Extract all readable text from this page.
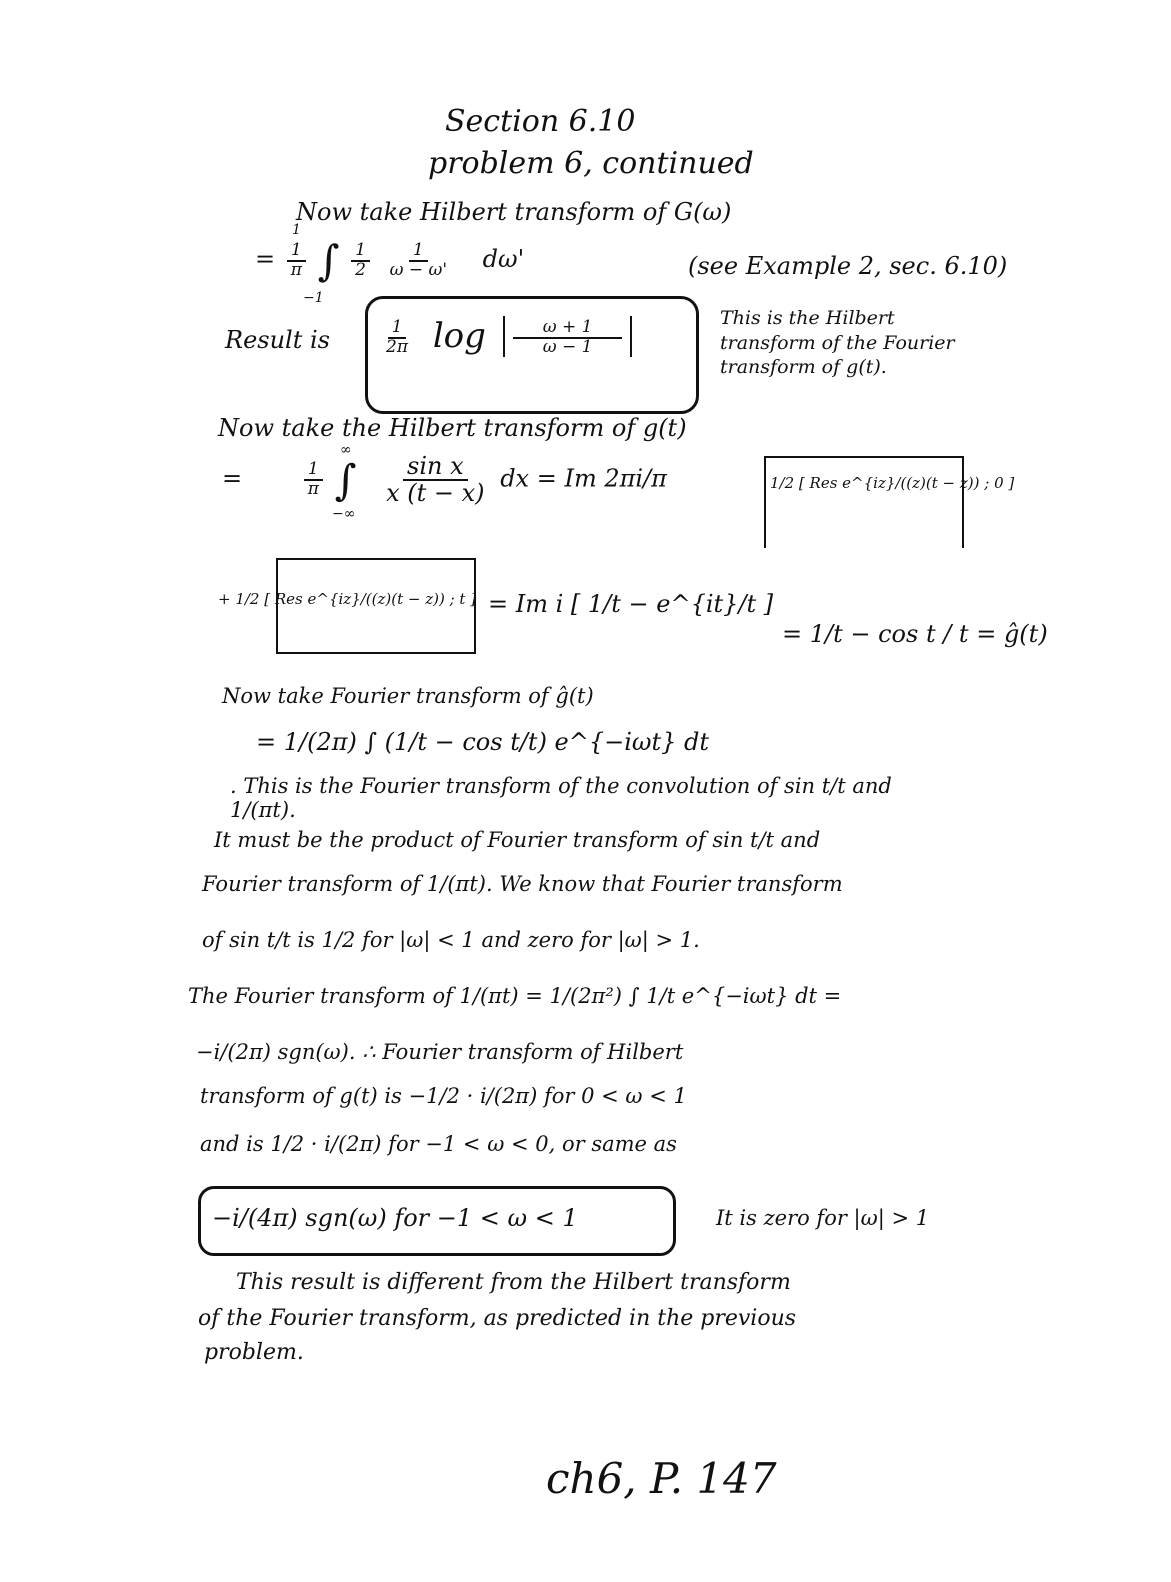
Section 6.10
problem 6, continued
Now take Hilbert transform of G(ω)
1
= $\frac{1}{\pi}$ ∫ $\frac{1}{2}$
$\frac{1}{\omega - \omega'} d\omega'$
−1
(see Example 2, sec. 6.10)
Result is	$\frac{1}{2\pi}$ $\log \frac{\omega + 1}{\omega - 1}$
This is the Hilbert transform of the Fourier transform of g(t).
Now take the Hilbert transform of g(t)
=	$\frac{1}{\pi}$ ∫
∞
−∞
$\frac{\text{sin x}}{x (t - x)}$ dx = Im 2πi/π	1/2 [ Res e^{iz}/((z)(t − z)) ; 0 ]
+ 1/2 [ Res e^{iz}/((z)(t − z)) ; t ] = Im i [ 1/t − e^{it}/t ]
= 1/t − cos t / t = ĝ(t)
Now take Fourier transform of ĝ(t)
= 1/(2π) ∫ (1/t − cos t/t) e^{−iωt} dt
. This is the Fourier transform of the convolution of sin t/t and 1/(πt).
It must be the product of Fourier transform of sin t/t and
Fourier transform of 1/(πt). We know that Fourier transform
of sin t/t is 1/2 for |ω| < 1 and zero for |ω| > 1.
The Fourier transform of 1/(πt) = 1/(2π²) ∫ 1/t e^{−iωt} dt =
−i/(2π) sgn(ω). ∴ Fourier transform of Hilbert
transform of g(t) is −1/2 · i/(2π) for 0 < ω < 1
and is 1/2 · i/(2π) for −1 < ω < 0, or same as
−i/(4π) sgn(ω) for −1 < ω < 1	It is zero for |ω| > 1
This result is different from the Hilbert transform
of the Fourier transform, as predicted in the previous
problem.
ch6, P. 147
